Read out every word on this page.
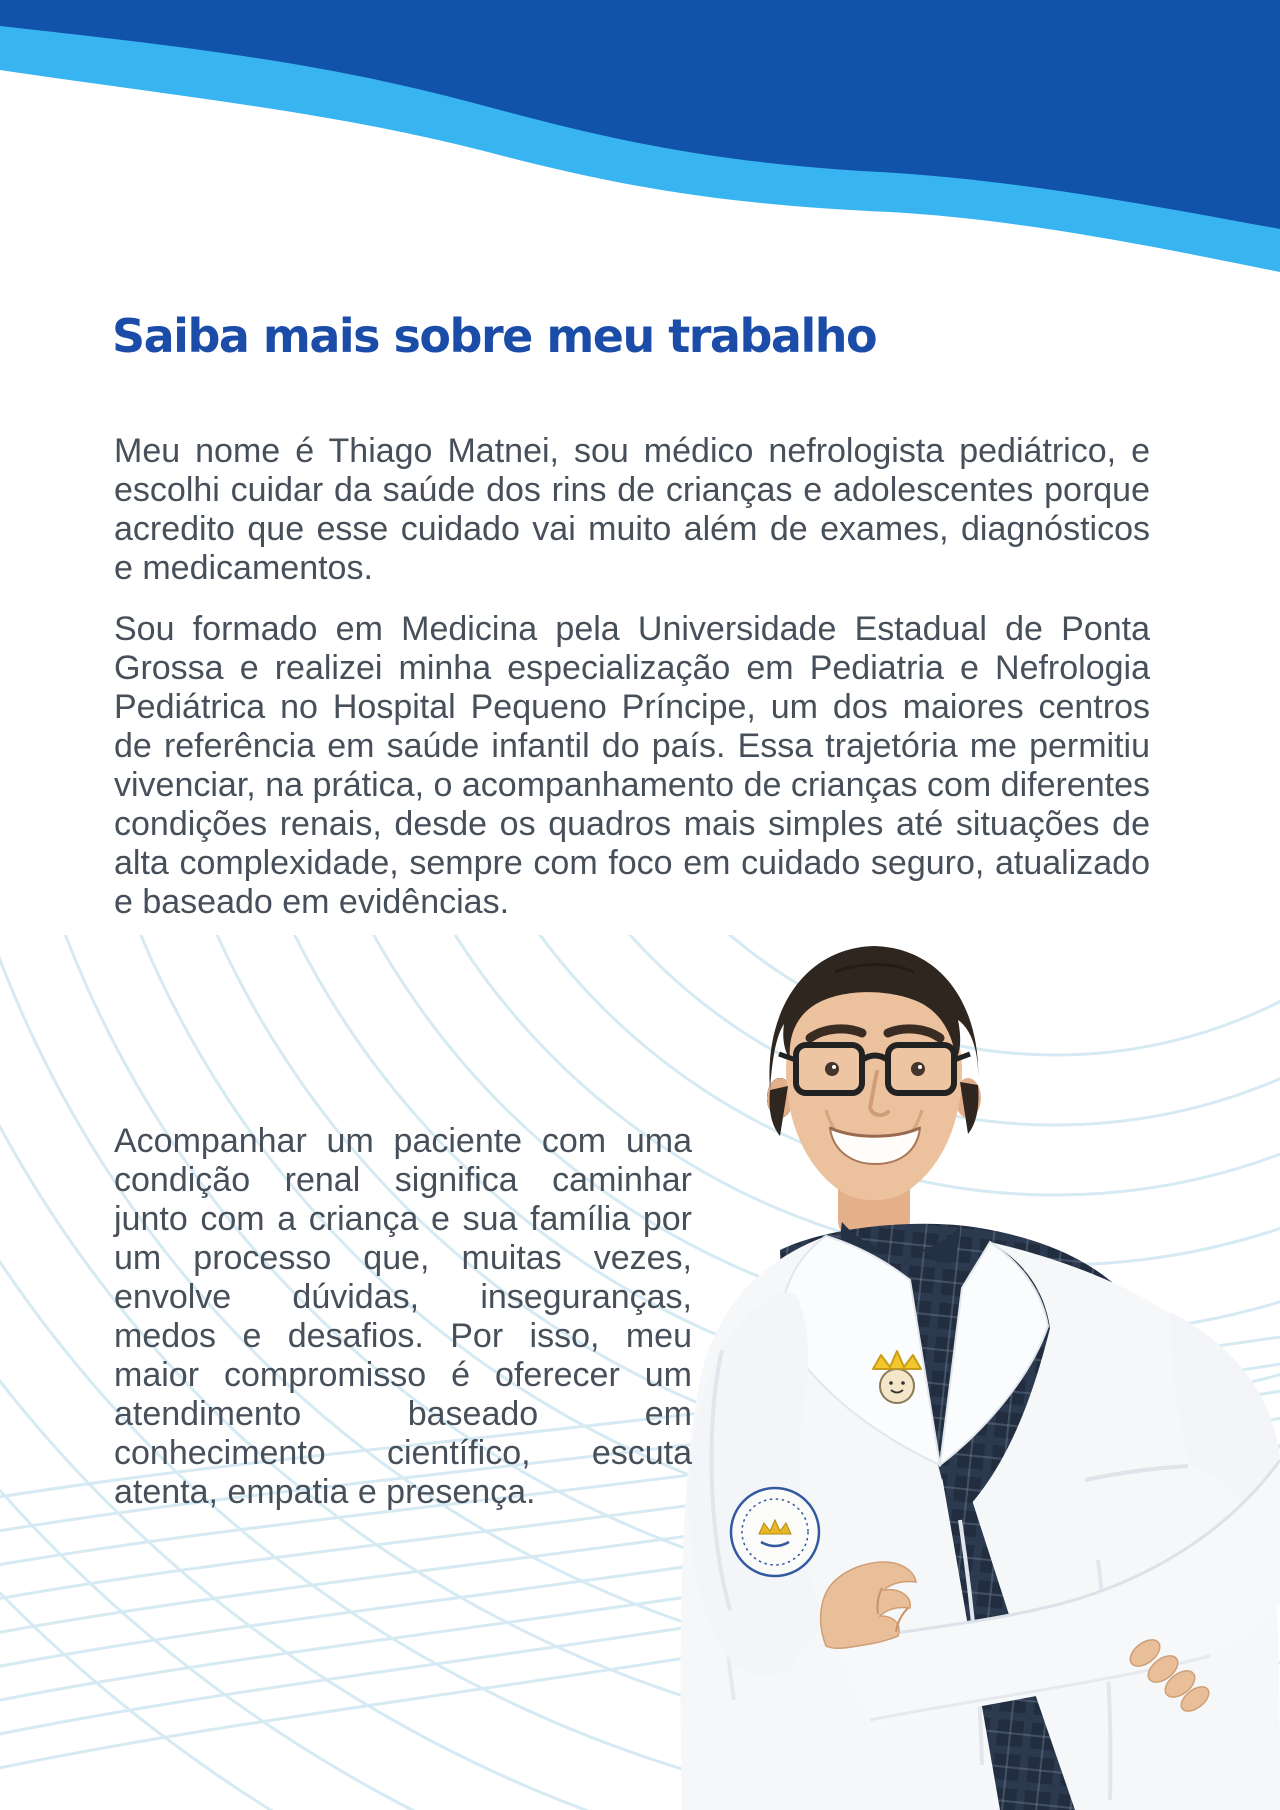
Saiba mais sobre meu trabalho

Meu nome é Thiago Matnei, sou médico nefrologista pediátrico, e escolhi cuidar da saúde dos rins de crianças e adolescentes porque acredito que esse cuidado vai muito além de exames, diagnósticos e medicamentos.

Sou formado em Medicina pela Universidade Estadual de Ponta Grossa e realizei minha especialização em Pediatria e Nefrologia Pediátrica no Hospital Pequeno Príncipe, um dos maiores centros de referência em saúde infantil do país. Essa trajetória me permitiu vivenciar, na prática, o acompanhamento de crianças com diferentes condições renais, desde os quadros mais simples até situações de alta complexidade, sempre com foco em cuidado seguro, atualizado e baseado em evidências.

Acompanhar um paciente com uma condição renal significa caminhar junto com a criança e sua família por um processo que, muitas vezes, envolve dúvidas, inseguranças, medos e desafios. Por isso, meu maior compromisso é oferecer um atendimento baseado em conhecimento científico, escuta atenta, empatia e presença.
